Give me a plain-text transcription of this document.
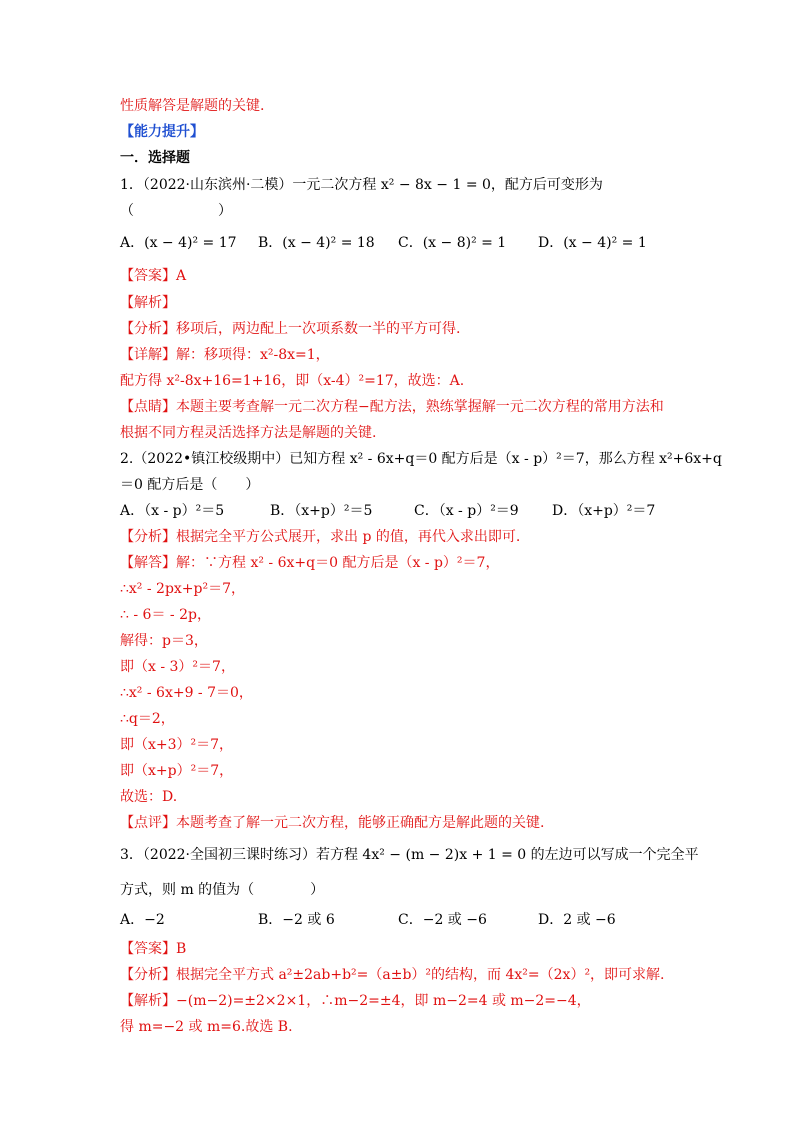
性质解答是解题的关键.
【能力提升】
一．选择题
1．（2022·山东滨州·二模）一元二次方程 x² − 8x − 1 = 0，配方后可变形为
（　　　　　　）
A．(x − 4)² = 17 B．(x − 4)² = 18 C．(x − 8)² = 1 D．(x − 4)² = 1
【答案】A
【解析】
【分析】移项后，两边配上一次项系数一半的平方可得.
【详解】解：移项得：x²-8x=1，
配方得 x²-8x+16=1+16，即（x-4）²=17，故选：A.
【点睛】本题主要考查解一元二次方程−配方法，熟练掌握解一元二次方程的常用方法和
根据不同方程灵活选择方法是解题的关键.
2.（2022•镇江校级期中）已知方程 x² - 6x+q＝0 配方后是（x - p）²＝7，那么方程 x²+6x+q
＝0 配方后是（　　）
A．（x - p）²＝5	B．（x+p）²＝5	C．（x - p）²＝9 D．（x+p）²＝7
【分析】根据完全平方公式展开，求出 p 的值，再代入求出即可.
【解答】解：∵方程 x² - 6x+q＝0 配方后是（x - p）²＝7，
∴x² - 2px+p²＝7，
∴ - 6＝ - 2p，
解得：p＝3，
即（x - 3）²＝7，
∴x² - 6x+9 - 7＝0，
∴q＝2，
即（x+3）²＝7，
即（x+p）²＝7，
故选：D.
【点评】本题考查了解一元二次方程，能够正确配方是解此题的关键.
3．（2022·全国初三课时练习）若方程 4x² − (m − 2)x + 1 = 0 的左边可以写成一个完全平
方式，则 m 的值为（　　　　）
A．−2	B．−2 或 6	C．−2 或 −6	D．2 或 −6
【答案】B
【分析】根据完全平方式 a²±2ab+b²=（a±b）²的结构，而 4x²=（2x）²，即可求解.
【解析】−(m−2)=±2×2×1，∴m−2=±4，即 m−2=4 或 m−2=−4，
得 m=−2 或 m=6.故选 B.
